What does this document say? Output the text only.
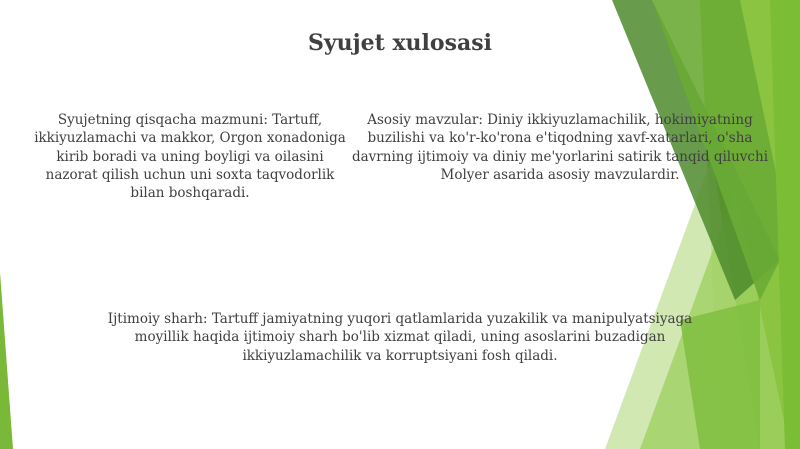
Syujet xulosasi
Syujetning qisqacha mazmuni: Tartuff, ikkiyuzlamachi va makkor, Orgon xonadoniga kirib boradi va uning boyligi va oilasini nazorat qilish uchun uni soxta taqvodorlik bilan boshqaradi.
Asosiy mavzular: Diniy ikkiyuzlamachilik, hokimiyatning buzilishi va ko'r-ko'rona e'tiqodning xavf-xatarlari, o'sha davrning ijtimoiy va diniy me'yorlarini satirik tanqid qiluvchi Molyer asarida asosiy mavzulardir.
Ijtimoiy sharh: Tartuff jamiyatning yuqori qatlamlarida yuzakilik va manipulyatsiyaga moyillik haqida ijtimoiy sharh bo'lib xizmat qiladi, uning asoslarini buzadigan ikkiyuzlamachilik va korruptsiyani fosh qiladi.
